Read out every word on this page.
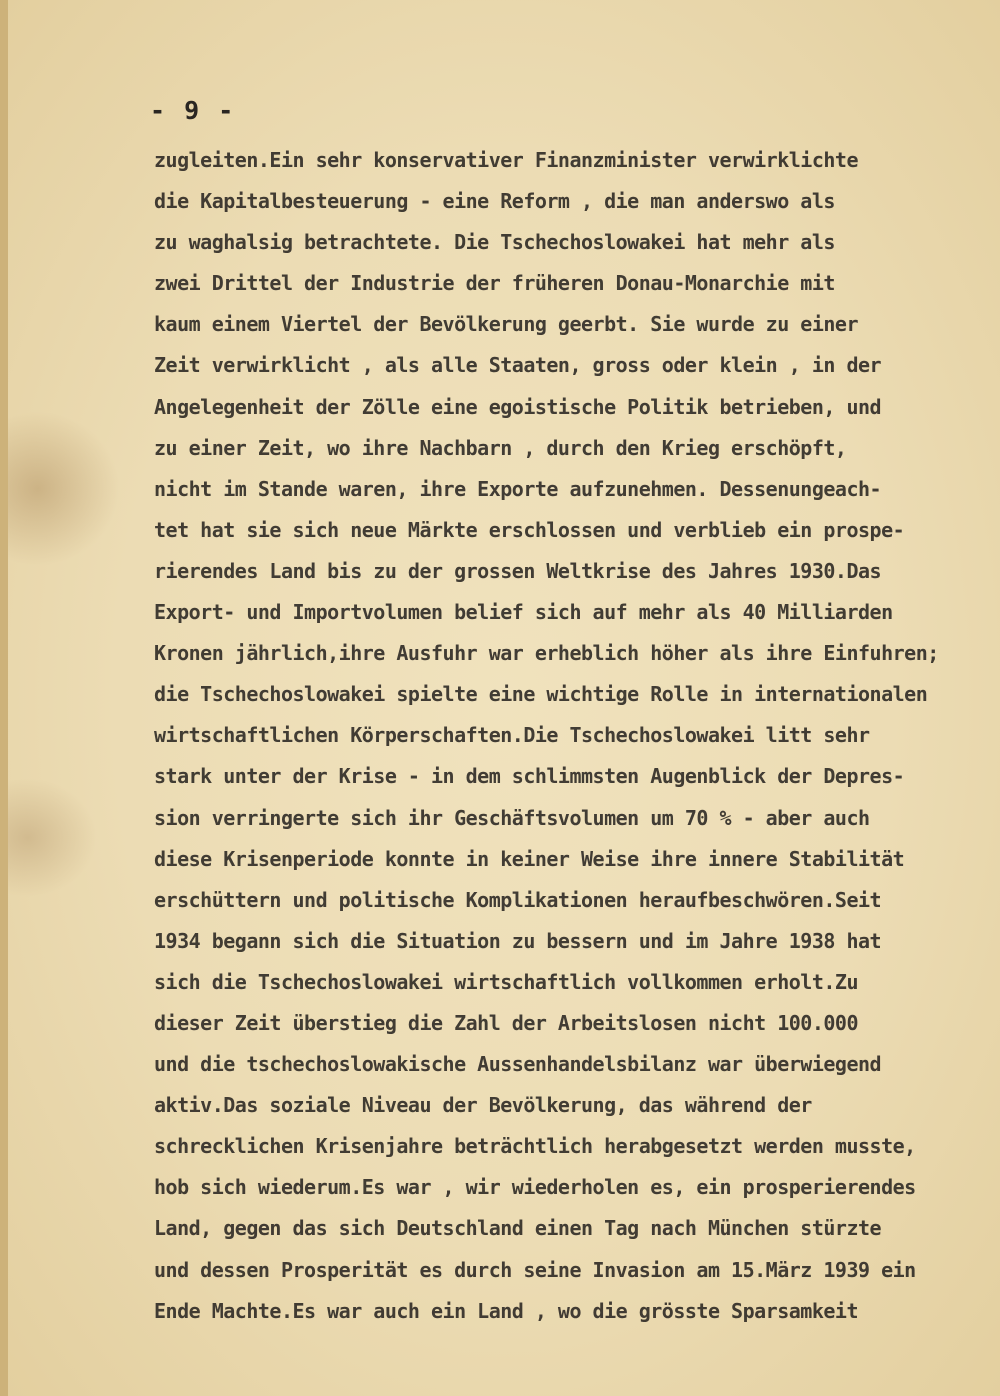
- 9 -
zugleiten.Ein sehr konservativer Finanzminister verwirklichte
die Kapitalbesteuerung - eine Reform , die man anderswo als
zu waghalsig betrachtete. Die Tschechoslowakei hat mehr als
zwei Drittel der Industrie der früheren Donau-Monarchie mit
kaum einem Viertel der Bevölkerung geerbt. Sie wurde zu einer
Zeit verwirklicht , als alle Staaten, gross oder klein , in der
Angelegenheit der Zölle eine egoistische Politik betrieben, und
zu einer Zeit, wo ihre Nachbarn , durch den Krieg erschöpft,
nicht im Stande waren, ihre Exporte aufzunehmen. Dessenungeach-
tet hat sie sich neue Märkte erschlossen und verblieb ein prospe-
rierendes Land bis zu der grossen Weltkrise des Jahres 1930.Das
Export- und Importvolumen belief sich auf mehr als 40 Milliarden
Kronen jährlich,ihre Ausfuhr war erheblich höher als ihre Einfuhren;
die Tschechoslowakei spielte eine wichtige Rolle in internationalen
wirtschaftlichen Körperschaften.Die Tschechoslowakei litt sehr
stark unter der Krise - in dem schlimmsten Augenblick der Depres-
sion verringerte sich ihr Geschäftsvolumen um 70 % - aber auch
diese Krisenperiode konnte in keiner Weise ihre innere Stabilität
erschüttern und politische Komplikationen heraufbeschwören.Seit
1934 begann sich die Situation zu bessern und im Jahre 1938 hat
sich die Tschechoslowakei wirtschaftlich vollkommen erholt.Zu
dieser Zeit überstieg die Zahl der Arbeitslosen nicht 100.000
und die tschechoslowakische Aussenhandelsbilanz war überwiegend
aktiv.Das soziale Niveau der Bevölkerung, das während der
schrecklichen Krisenjahre beträchtlich herabgesetzt werden musste,
hob sich wiederum.Es war , wir wiederholen es, ein prosperierendes
Land, gegen das sich Deutschland einen Tag nach München stürzte
und dessen Prosperität es durch seine Invasion am 15.März 1939 ein
Ende Machte.Es war auch ein Land , wo die grösste Sparsamkeit
